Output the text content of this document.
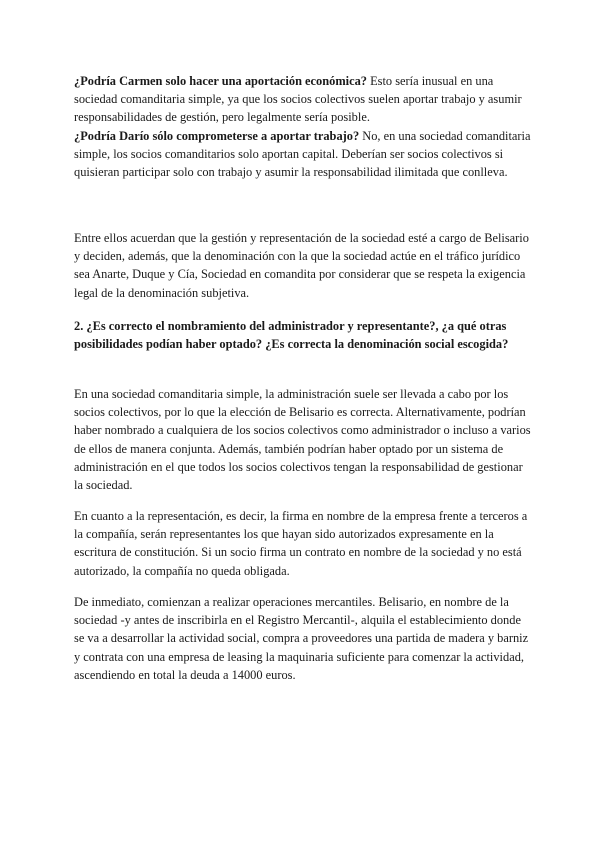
¿Podría Carmen solo hacer una aportación económica? Esto sería inusual en una sociedad comanditaria simple, ya que los socios colectivos suelen aportar trabajo y asumir responsabilidades de gestión, pero legalmente sería posible.
¿Podría Darío sólo comprometerse a aportar trabajo? No, en una sociedad comanditaria simple, los socios comanditarios solo aportan capital. Deberían ser socios colectivos si quisieran participar solo con trabajo y asumir la responsabilidad ilimitada que conlleva.

Entre ellos acuerdan que la gestión y representación de la sociedad esté a cargo de Belisario y deciden, además, que la denominación con la que la sociedad actúe en el tráfico jurídico sea Anarte, Duque y Cía, Sociedad en comandita por considerar que se respeta la exigencia legal de la denominación subjetiva.

2. ¿Es correcto el nombramiento del administrador y representante?, ¿a qué otras posibilidades podían haber optado? ¿Es correcta la denominación social escogida?

En una sociedad comanditaria simple, la administración suele ser llevada a cabo por los socios colectivos, por lo que la elección de Belisario es correcta. Alternativamente, podrían haber nombrado a cualquiera de los socios colectivos como administrador o incluso a varios de ellos de manera conjunta. Además, también podrían haber optado por un sistema de administración en el que todos los socios colectivos tengan la responsabilidad de gestionar la sociedad.

En cuanto a la representación, es decir, la firma en nombre de la empresa frente a terceros a la compañía, serán representantes los que hayan sido autorizados expresamente en la escritura de constitución. Si un socio firma un contrato en nombre de la sociedad y no está autorizado, la compañía no queda obligada.

De inmediato, comienzan a realizar operaciones mercantiles. Belisario, en nombre de la sociedad -y antes de inscribirla en el Registro Mercantil-, alquila el establecimiento donde se va a desarrollar la actividad social, compra a proveedores una partida de madera y barniz y contrata con una empresa de leasing la maquinaria suficiente para comenzar la actividad, ascendiendo en total la deuda a 14000 euros.
